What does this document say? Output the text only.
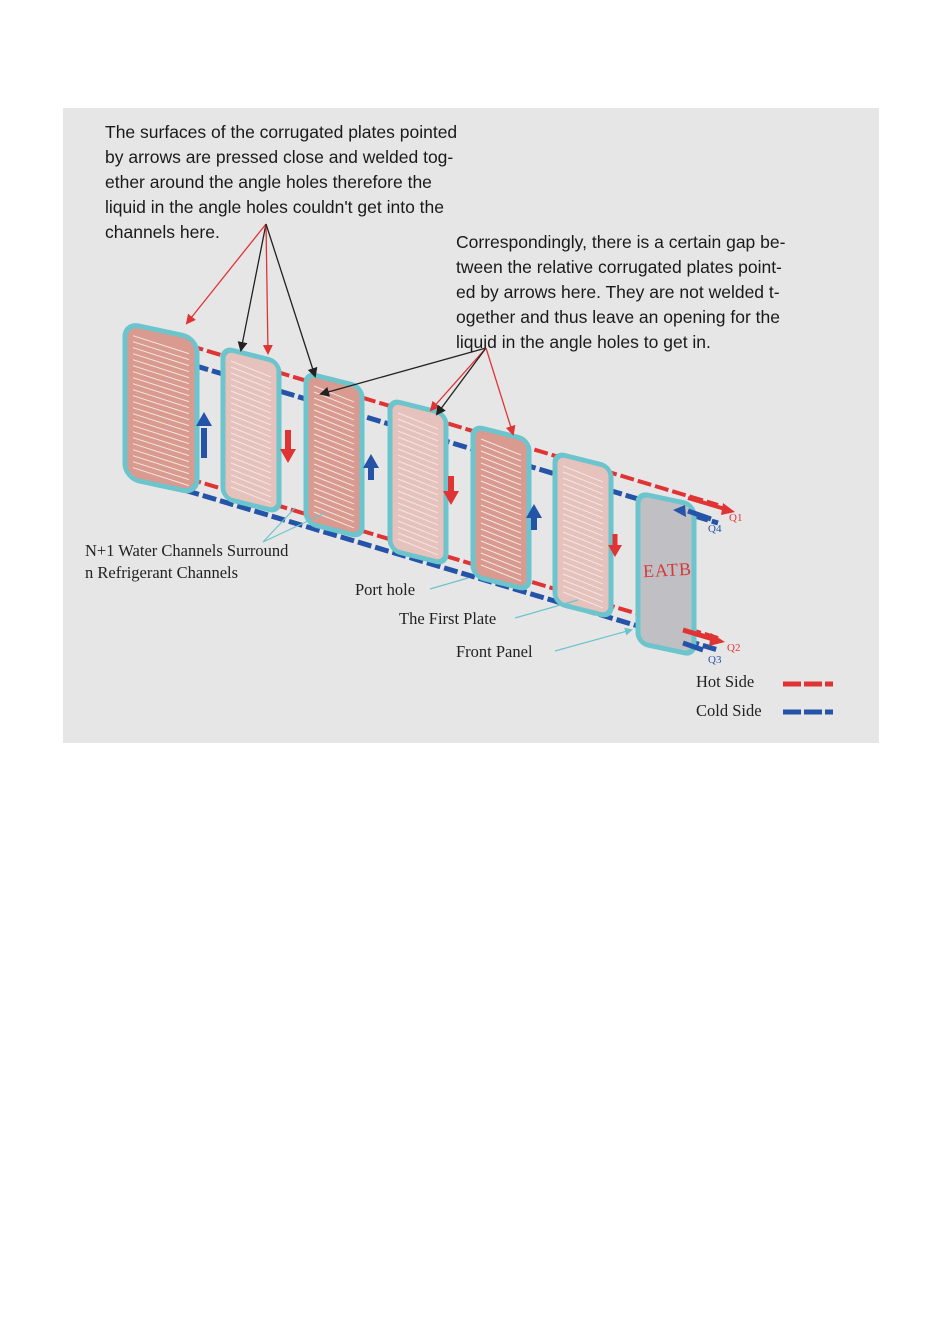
The surfaces of the corrugated plates pointed
by arrows are pressed close and welded tog-
ether around the angle holes therefore the
liquid in the angle holes couldn't get into the
channels here.	Correspondingly, there is a certain gap be-
tween the relative corrugated plates point-
ed by arrows here. They are not welded t-
ogether and thus leave an opening for the
liquid in the angle holes to get in.

N+1 Water Channels Surround
n Refrigerant Channels
Port hole
The First Plate
Front Panel
EATB
Q1
Q4
Q2
Q3
Hot Side
Cold Side
